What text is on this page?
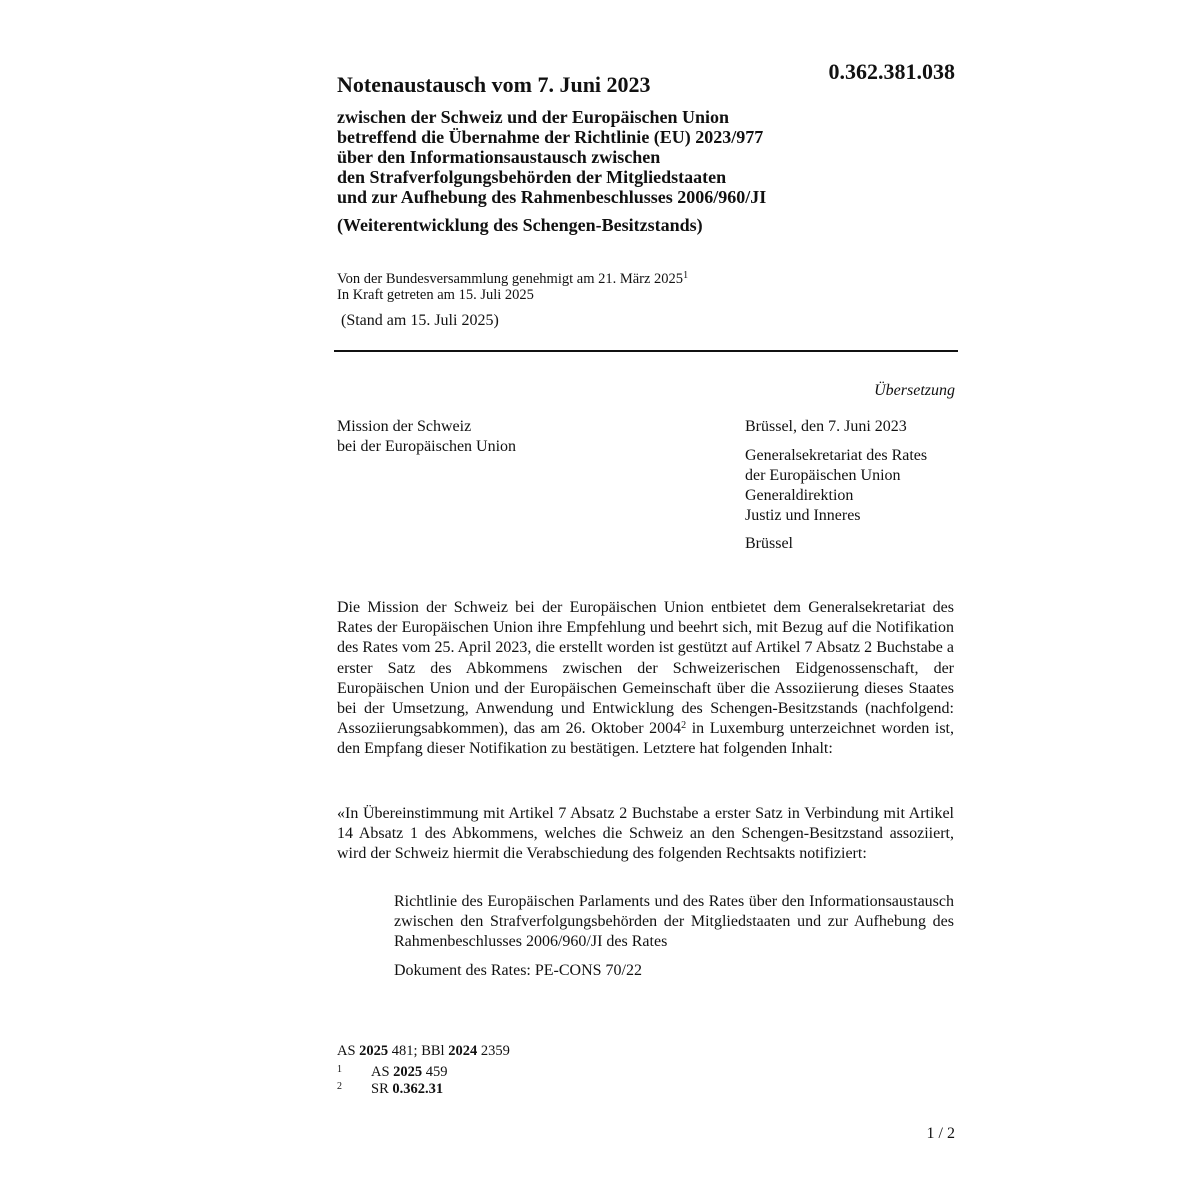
0.362.381.038
Notenaustausch vom 7. Juni 2023
zwischen der Schweiz und der Europäischen Union
betreffend die Übernahme der Richtlinie (EU) 2023/977
über den Informationsaustausch zwischen
den Strafverfolgungsbehörden der Mitgliedstaaten
und zur Aufhebung des Rahmenbeschlusses 2006/960/JI
(Weiterentwicklung des Schengen-Besitzstands)
Von der Bundesversammlung genehmigt am 21. März 2025$^1$
In Kraft getreten am 15. Juli 2025
(Stand am 15. Juli 2025)
Übersetzung
Mission der Schweiz
bei der Europäischen Union
Brüssel, den 7. Juni 2023
Generalsekretariat des Rates
der Europäischen Union
Generaldirektion
Justiz und Inneres
Brüssel
Die Mission der Schweiz bei der Europäischen Union entbietet dem Generalsekretariat des Rates der Europäischen Union ihre Empfehlung und beehrt sich, mit Bezug auf die Notifikation des Rates vom 25. April 2023, die erstellt worden ist gestützt auf Artikel 7 Absatz 2 Buchstabe a erster Satz des Abkommens zwischen der Schweizerischen Eidgenossenschaft, der Europäischen Union und der Europäischen Gemeinschaft über die Assoziierung dieses Staates bei der Umsetzung, Anwendung und Entwicklung des Schengen-Besitzstands (nachfolgend: Assoziierungsabkommen), das am 26. Oktober 2004$^2$ in Luxemburg unterzeichnet worden ist, den Empfang dieser Notifikation zu bestätigen. Letztere hat folgenden Inhalt:
«In Übereinstimmung mit Artikel 7 Absatz 2 Buchstabe a erster Satz in Verbindung mit Artikel 14 Absatz 1 des Abkommens, welches die Schweiz an den Schengen-Besitzstand assoziiert, wird der Schweiz hiermit die Verabschiedung des folgenden Rechtsakts notifiziert:
Richtlinie des Europäischen Parlaments und des Rates über den Informationsaustausch zwischen den Strafverfolgungsbehörden der Mitgliedstaaten und zur Aufhebung des Rahmenbeschlusses 2006/960/JI des Rates
Dokument des Rates: PE-CONS 70/22
AS 2025 481; BBl 2024 2359
1 AS 2025 459
2 SR 0.362.31
1 / 2
